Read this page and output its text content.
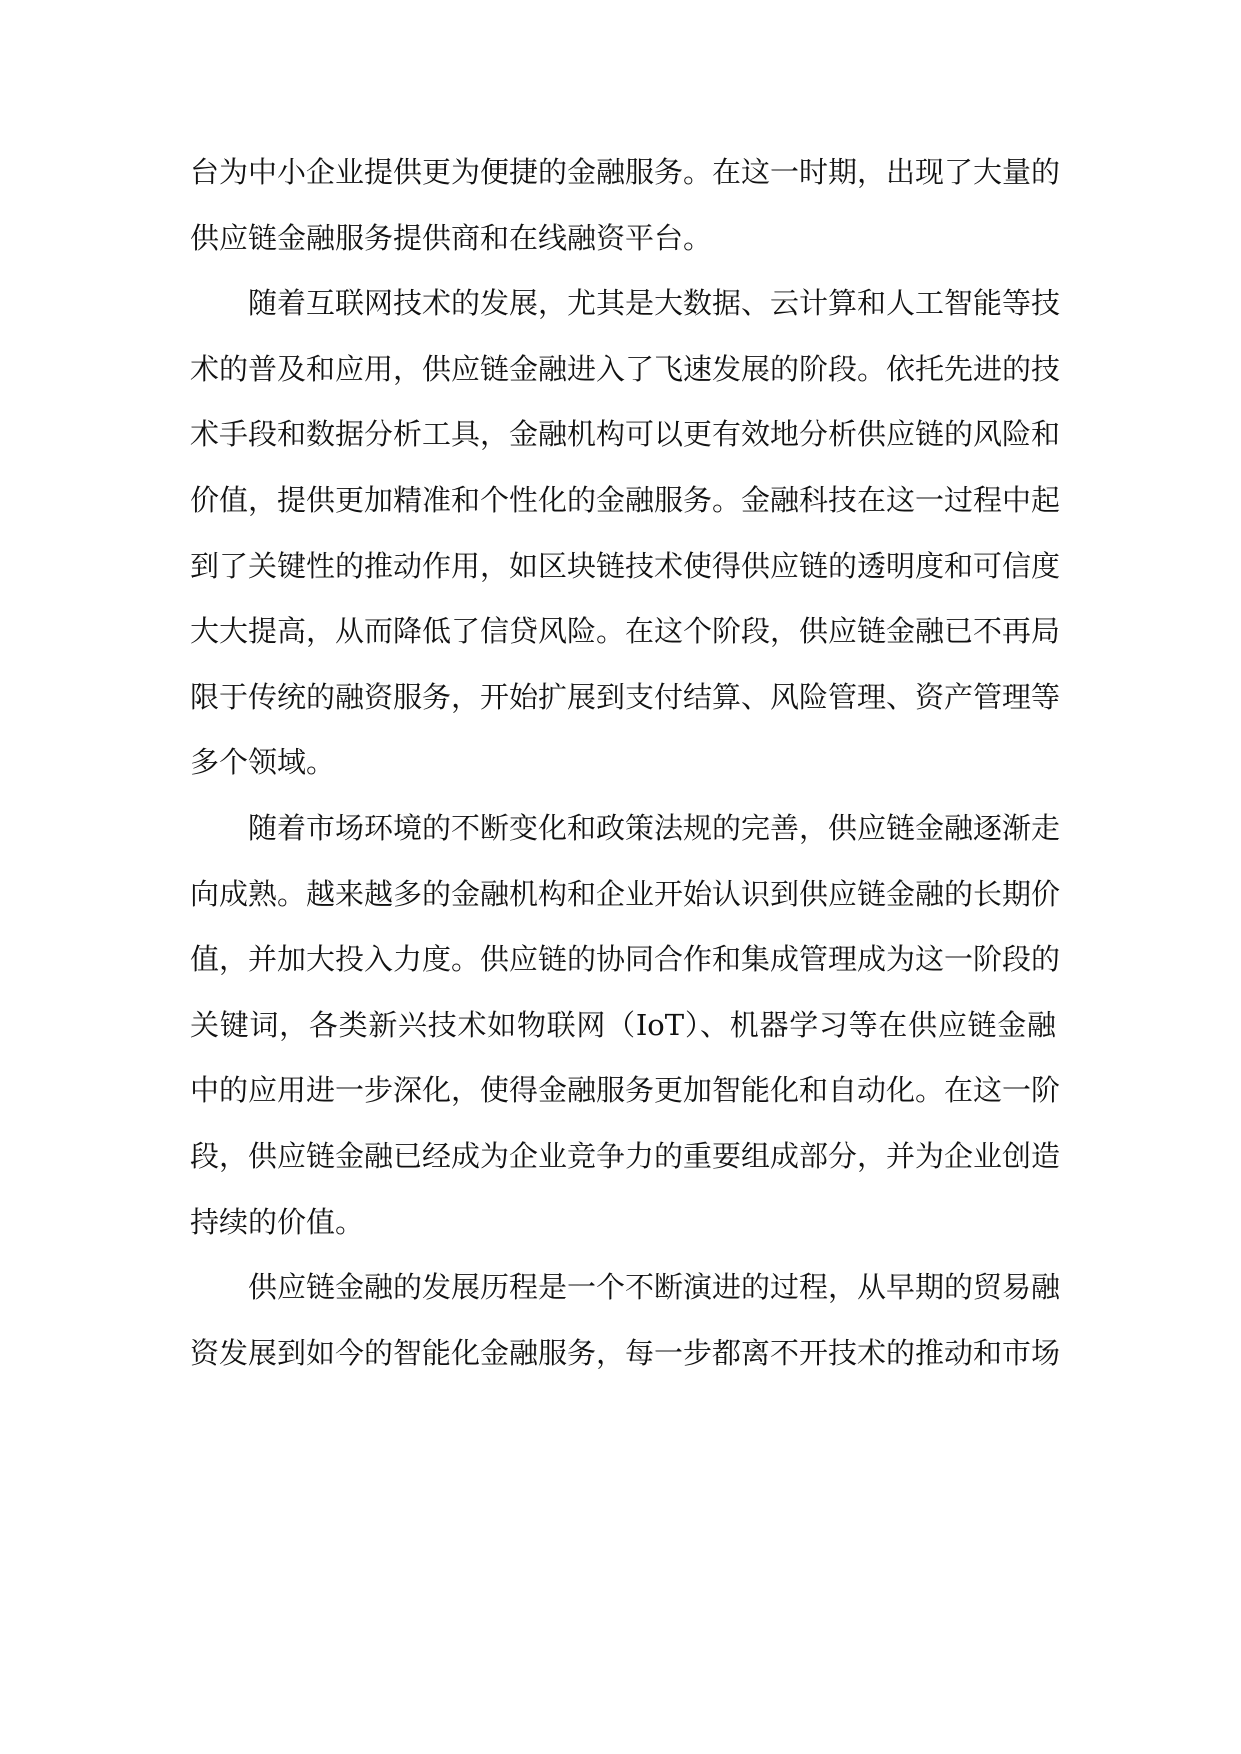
台为中小企业提供更为便捷的金融服务。在这一时期，出现了大量的
供应链金融服务提供商和在线融资平台。
随着互联网技术的发展，尤其是大数据、云计算和人工智能等技
术的普及和应用，供应链金融进入了飞速发展的阶段。依托先进的技
术手段和数据分析工具，金融机构可以更有效地分析供应链的风险和
价值，提供更加精准和个性化的金融服务。金融科技在这一过程中起
到了关键性的推动作用，如区块链技术使得供应链的透明度和可信度
大大提高，从而降低了信贷风险。在这个阶段，供应链金融已不再局
限于传统的融资服务，开始扩展到支付结算、风险管理、资产管理等
多个领域。
随着市场环境的不断变化和政策法规的完善，供应链金融逐渐走
向成熟。越来越多的金融机构和企业开始认识到供应链金融的长期价
值，并加大投入力度。供应链的协同合作和集成管理成为这一阶段的
关键词，各类新兴技术如物联网（IoT）、机器学习等在供应链金融
中的应用进一步深化，使得金融服务更加智能化和自动化。在这一阶
段，供应链金融已经成为企业竞争力的重要组成部分，并为企业创造
持续的价值。
供应链金融的发展历程是一个不断演进的过程，从早期的贸易融
资发展到如今的智能化金融服务，每一步都离不开技术的推动和市场
